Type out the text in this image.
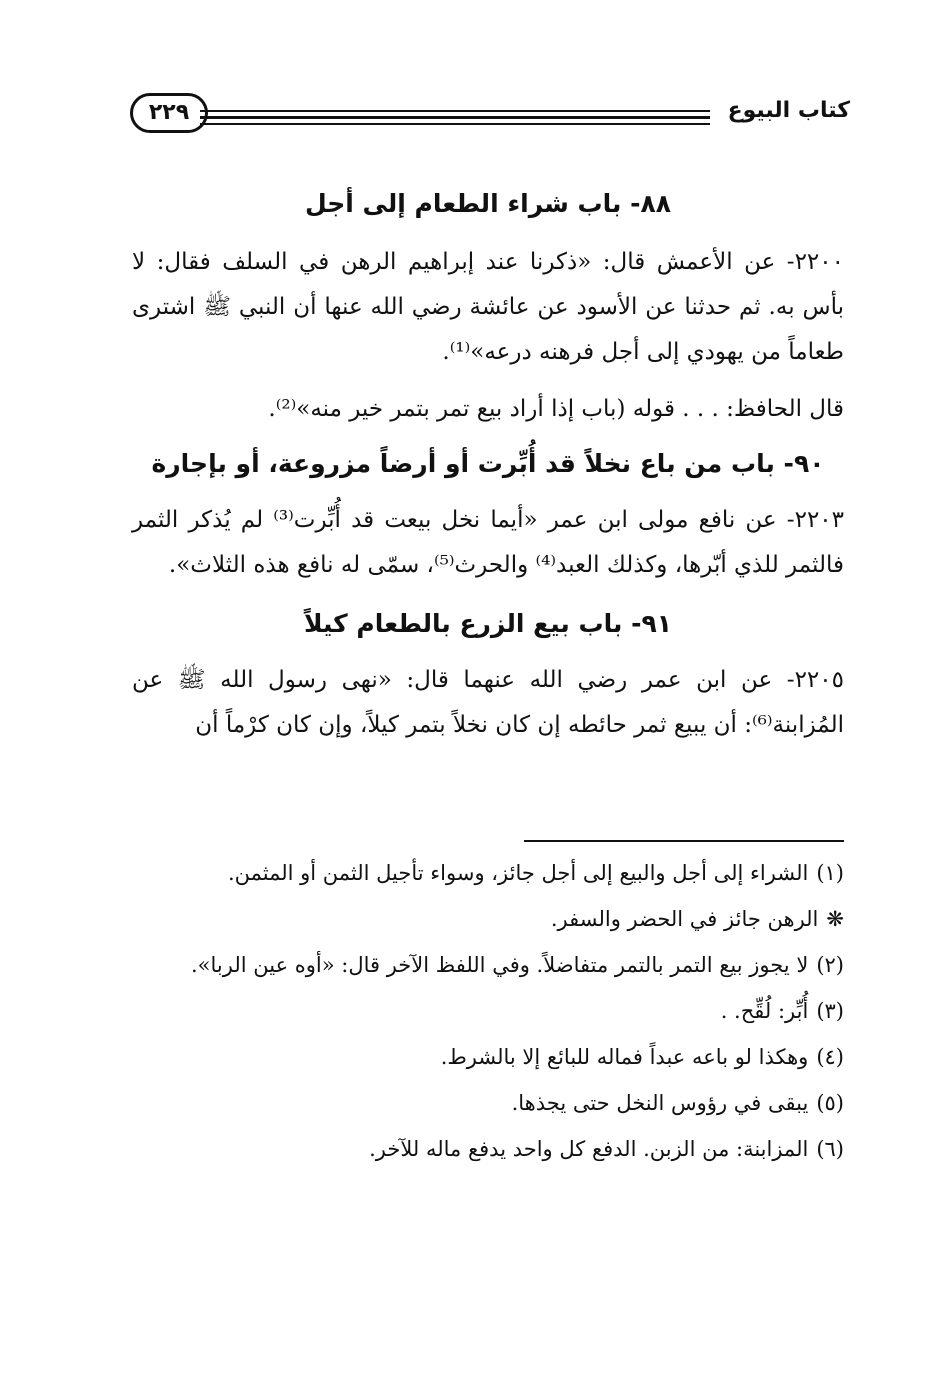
كتاب البيوع
٢٢٩
٨٨- باب شراء الطعام إلى أجل

٢٢٠٠- عن الأعمش قال: «ذكرنا عند إبراهيم الرهن في السلف فقال: لا بأس به. ثم حدثنا عن الأسود عن عائشة رضي الله عنها أن النبي ﷺ اشترى طعاماً من يهودي إلى أجل فرهنه درعه»⁽¹⁾.

قال الحافظ: . . . قوله (باب إذا أراد بيع تمر بتمر خير منه»⁽²⁾.

٩٠- باب من باع نخلاً قد أُبِّرت أو أرضاً مزروعة، أو بإجارة

٢٢٠٣- عن نافع مولى ابن عمر «أيما نخل بيعت قد أُبِّرت⁽³⁾ لم يُذكر الثمر فالثمر للذي أبّرها، وكذلك العبد⁽⁴⁾ والحرث⁽⁵⁾، سمّى له نافع هذه الثلاث».

٩١- باب بيع الزرع بالطعام كيلاً

٢٢٠٥- عن ابن عمر رضي الله عنهما قال: «نهى رسول الله ﷺ عن المُزابنة⁽⁶⁾: أن يبيع ثمر حائطه إن كان نخلاً بتمر كيلاً، وإن كان كرْماً أن

(١)
الشراء إلى أجل والبيع إلى أجل جائز، وسواء تأجيل الثمن أو المثمن.

❋
الرهن جائز في الحضر والسفر.

(٢)
لا يجوز بيع التمر بالتمر متفاضلاً. وفي اللفظ الآخر قال: «أوه عين الربا».

(٣)
أُبِّر: لُقِّح. .

(٤)
وهكذا لو باعه عبداً فماله للبائع إلا بالشرط.

(٥)
يبقى في رؤوس النخل حتى يجذها.

(٦)
المزابنة: من الزبن. الدفع كل واحد يدفع ماله للآخر.
